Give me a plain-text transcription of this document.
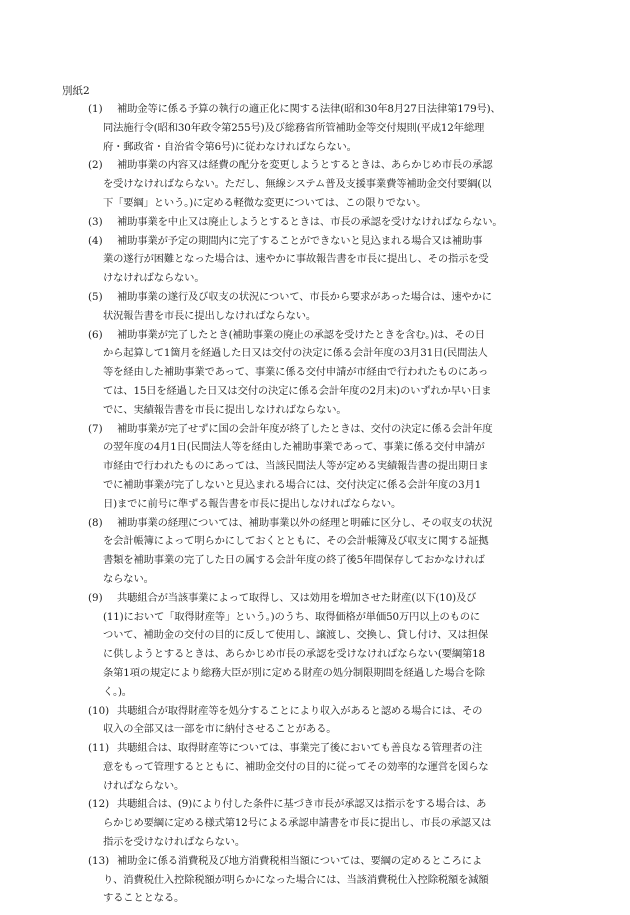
別紙2
(1)	補助金等に係る予算の執行の適正化に関する法律(昭和30年8月27日法律第179号)、
同法施行令(昭和30年政令第255号)及び総務省所管補助金等交付規則(平成12年総理
府・郵政省・自治省令第6号)に従わなければならない。
(2)	補助事業の内容又は経費の配分を変更しようとするときは、あらかじめ市長の承認
を受けなければならない。ただし、無線システム普及支援事業費等補助金交付要綱(以
下「要綱」という。)に定める軽微な変更については、この限りでない。
(3)	補助事業を中止又は廃止しようとするときは、市長の承認を受けなければならない。
(4)	補助事業が予定の期間内に完了することができないと見込まれる場合又は補助事
業の遂行が困難となった場合は、速やかに事故報告書を市長に提出し、その指示を受
けなければならない。
(5)	補助事業の遂行及び収支の状況について、市長から要求があった場合は、速やかに
状況報告書を市長に提出しなければならない。
(6)	補助事業が完了したとき(補助事業の廃止の承認を受けたときを含む。)は、その日
から起算して1箇月を経過した日又は交付の決定に係る会計年度の3月31日(民間法人
等を経由した補助事業であって、事業に係る交付申請が市経由で行われたものにあっ
ては、15日を経過した日又は交付の決定に係る会計年度の2月末)のいずれか早い日ま
でに、実績報告書を市長に提出しなければならない。
(7)	補助事業が完了せずに国の会計年度が終了したときは、交付の決定に係る会計年度
の翌年度の4月1日(民間法人等を経由した補助事業であって、事業に係る交付申請が
市経由で行われたものにあっては、当該民間法人等が定める実績報告書の提出期日ま
でに補助事業が完了しないと見込まれる場合には、交付決定に係る会計年度の3月1
日)までに前号に準ずる報告書を市長に提出しなければならない。
(8)	補助事業の経理については、補助事業以外の経理と明確に区分し、その収支の状況
を会計帳簿によって明らかにしておくとともに、その会計帳簿及び収支に関する証拠
書類を補助事業の完了した日の属する会計年度の終了後5年間保存しておかなければ
ならない。
(9)	共聴組合が当該事業によって取得し、又は効用を増加させた財産(以下(10)及び
(11)において「取得財産等」という。)のうち、取得価格が単価50万円以上のものに
ついて、補助金の交付の目的に反して使用し、譲渡し、交換し、貸し付け、又は担保
に供しようとするときは、あらかじめ市長の承認を受けなければならない(要綱第18
条第1項の規定により総務大臣が別に定める財産の処分制限期間を経過した場合を除
く。)。
(10) 共聴組合が取得財産等を処分することにより収入があると認める場合には、その
収入の全部又は一部を市に納付させることがある。
(11) 共聴組合は、取得財産等については、事業完了後においても善良なる管理者の注
意をもって管理するとともに、補助金交付の目的に従ってその効率的な運営を図らな
ければならない。
(12) 共聴組合は、(9)により付した条件に基づき市長が承認又は指示をする場合は、あ
らかじめ要綱に定める様式第12号による承認申請書を市長に提出し、市長の承認又は
指示を受けなければならない。
(13) 補助金に係る消費税及び地方消費税相当額については、要綱の定めるところによ
り、消費税仕入控除税額が明らかになった場合には、当該消費税仕入控除税額を減額
することとなる。
